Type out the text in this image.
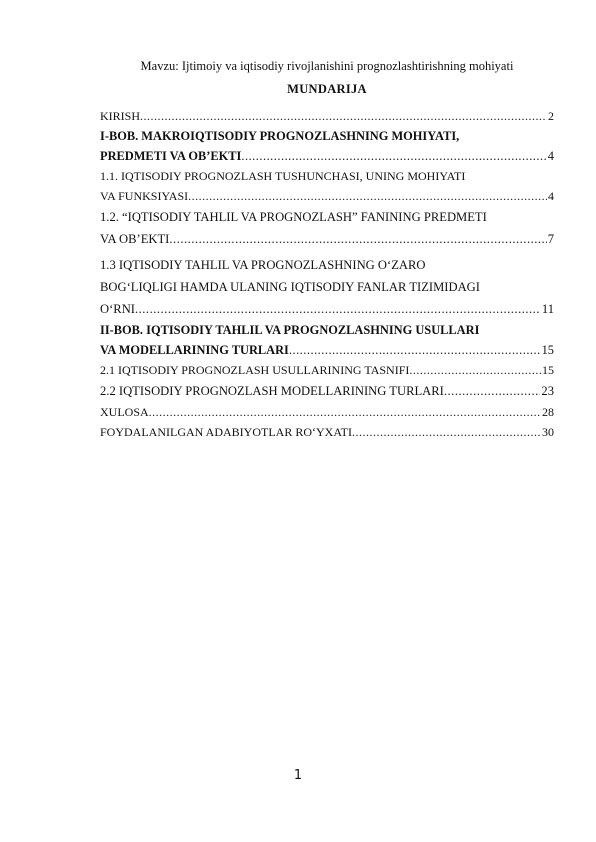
Mavzu: Ijtimoiy va iqtisodiy rivojlanishini prognozlashtirishning mohiyati
MUNDARIJA
KIRISH .....	2
I-BOB. MAKROIQTISODIY PROGNOZLASHNING MOHIYATI,
PREDMETI VA OB’EKTI .....	4
1.1. IQTISODIY PROGNOZLASH TUSHUNCHASI, UNING MOHIYATI
VA FUNKSIYASI .....	4
1.2. “IQTISODIY TAHLIL VA PROGNOZLASH” FANINING PREDMETI
VA OB’EKTI .....	7
1.3 IQTISODIY TAHLIL VA PROGNOZLASHNING O‘ZARO
BOG‘LIQLIGI HAMDA ULANING IQTISODIY FANLAR TIZIMIDAGI
O‘RNI .....	11
II-BOB. IQTISODIY TAHLIL VA PROGNOZLASHNING USULLARI
VA MODELLARINING TURLARI .....	15
2.1 IQTISODIY PROGNOZLASH USULLARINING TASNIFI .....	15
2.2 IQTISODIY PROGNOZLASH MODELLARINING TURLARI .....	23
XULOSA .....	28
FOYDALANILGAN ADABIYOTLAR RO‘YXATI .....	30
1
